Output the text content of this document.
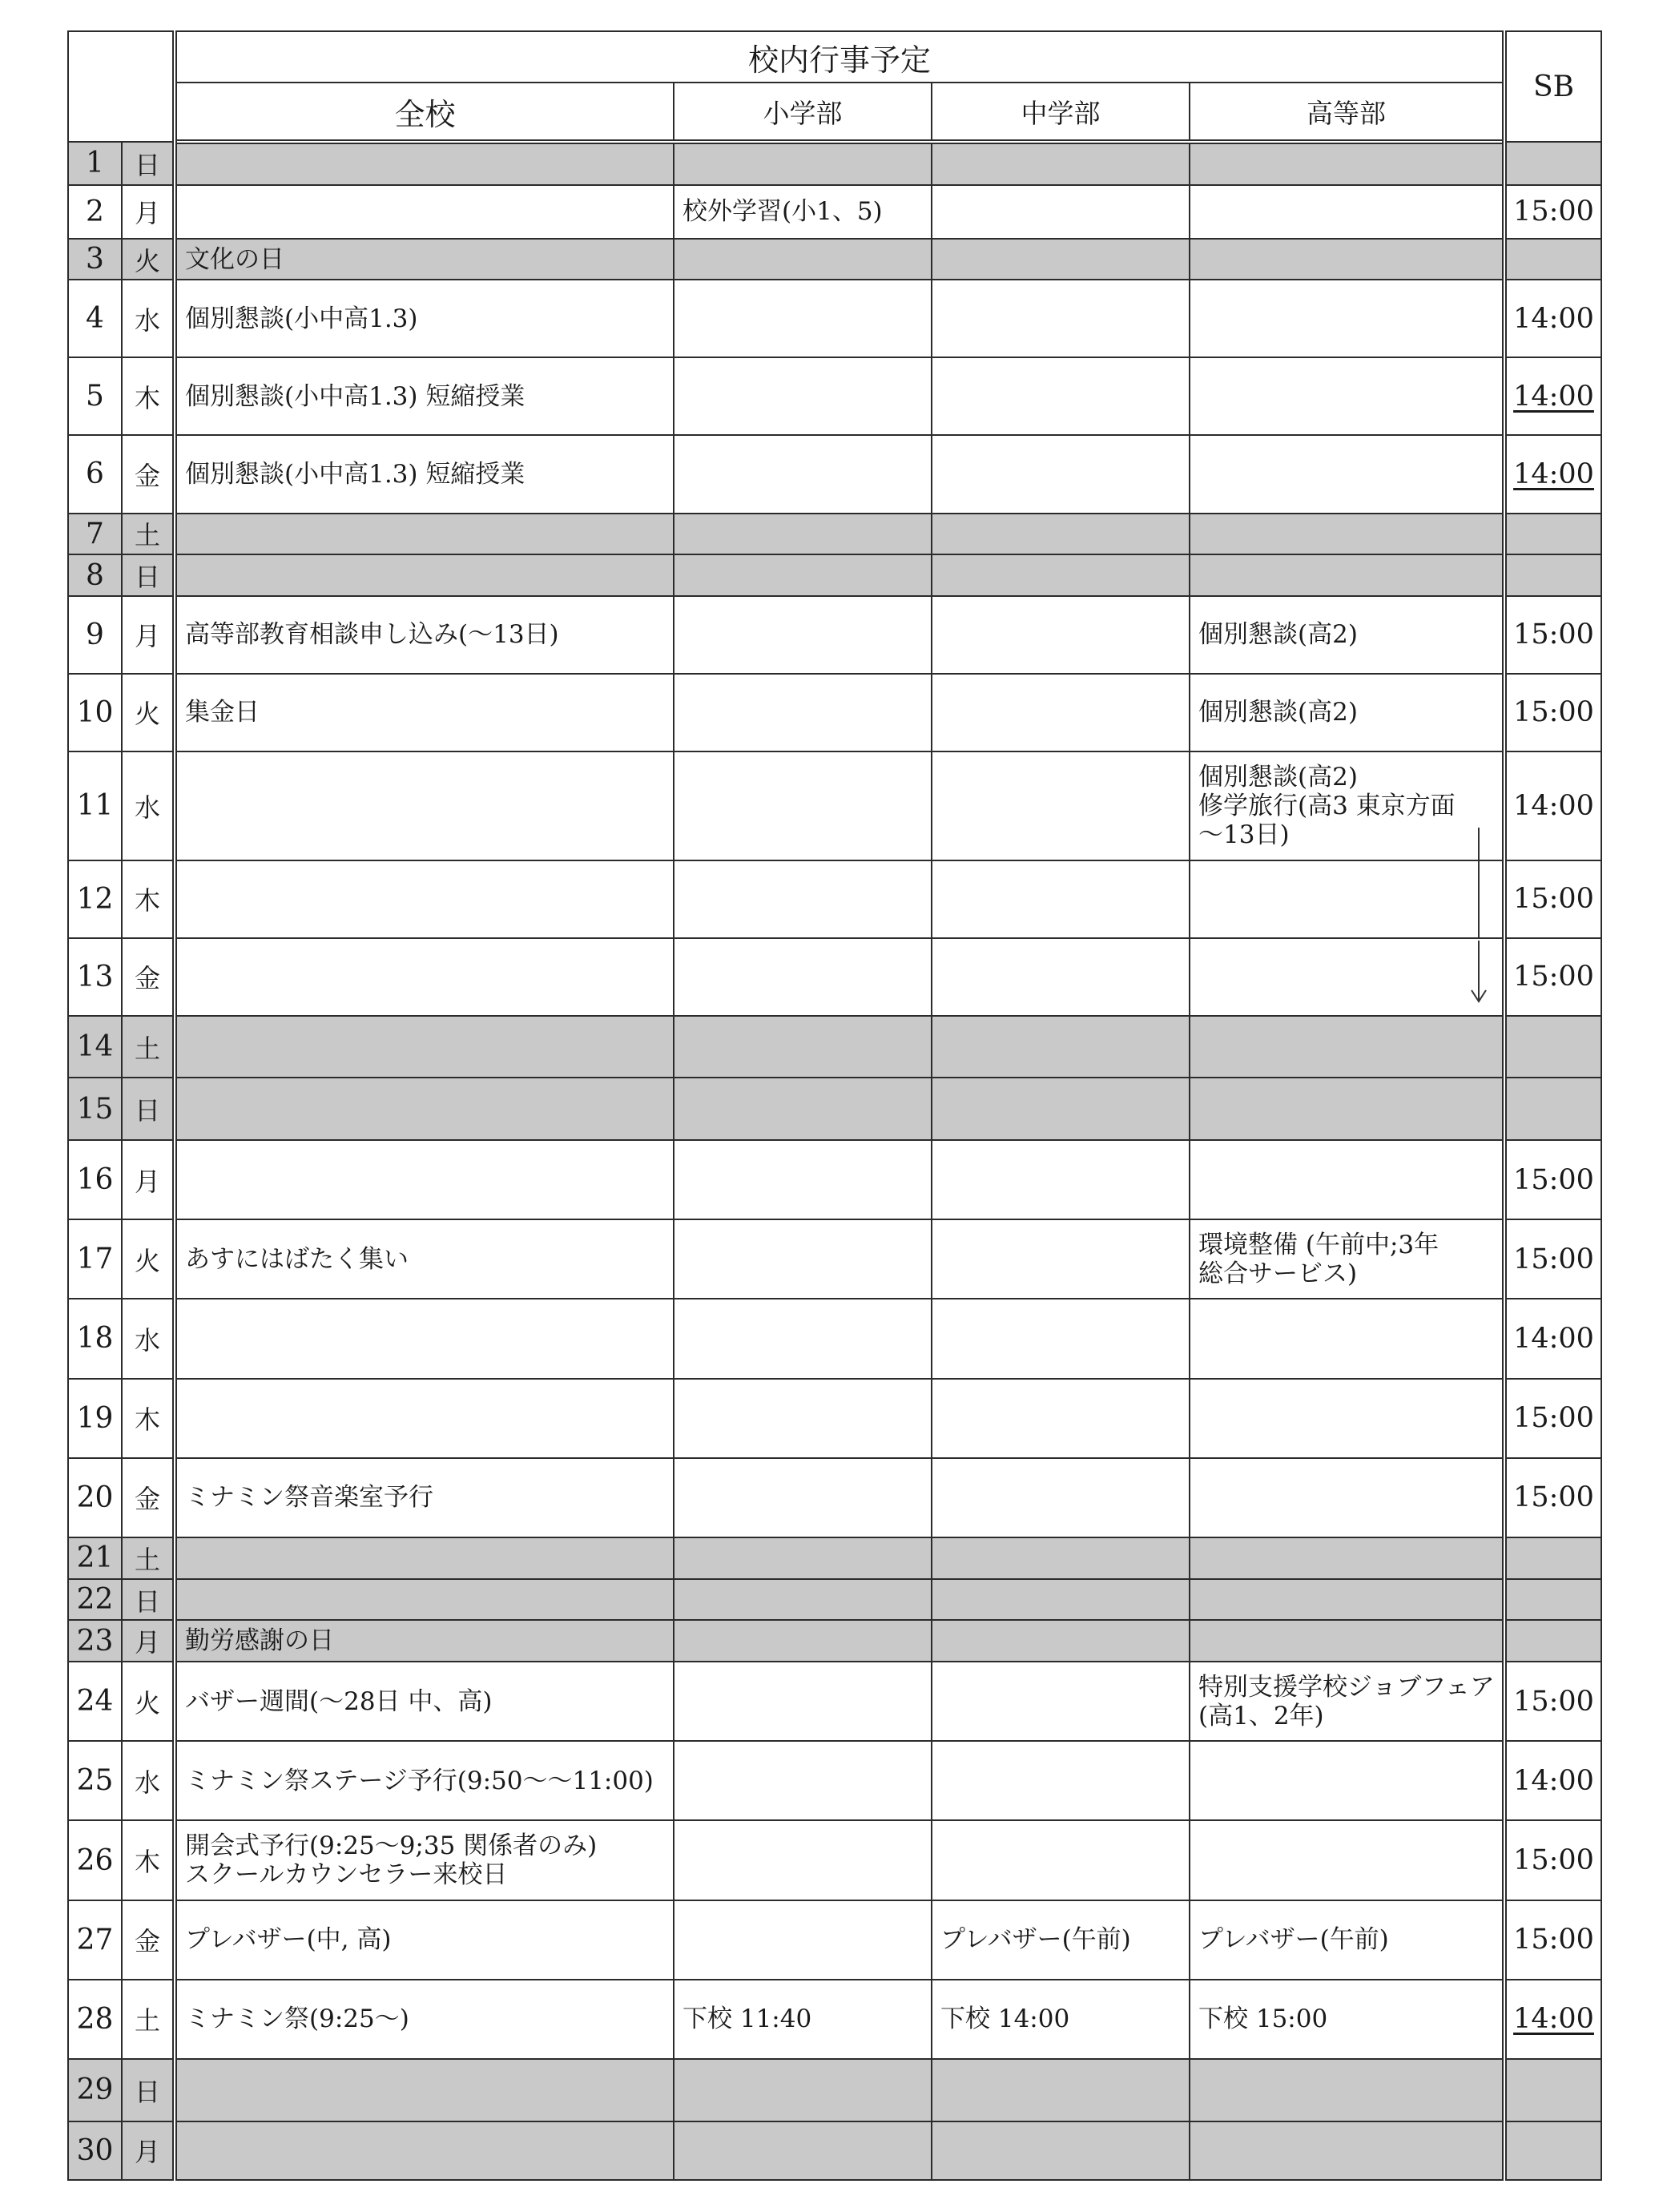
		校内行事予定				SB
		全校	小学部	中学部	高等部	
1	日					
2	月		校外学習(小1、5)			15:00
3	火	文化の日				
4	水	個別懇談(小中高1.3)				14:00
5	木	個別懇談(小中高1.3) 短縮授業				14:00
6	金	個別懇談(小中高1.3) 短縮授業				14:00
7	土					
8	日					
9	月	高等部教育相談申し込み(〜13日)			個別懇談(高2)	15:00
10	火	集金日			個別懇談(高2)	15:00
11	水				個別懇談(高2)
修学旅行(高3 東京方面
〜13日)	14:00
12	木					15:00
13	金					15:00
14	土					
15	日					
16	月					15:00
17	火	あすにはばたく集い			環境整備 (午前中;3年
総合サービス)	15:00
18	水					14:00
19	木					15:00
20	金	ミナミン祭音楽室予行				15:00
21	土					
22	日					
23	月	勤労感謝の日				
24	火	バザー週間(〜28日 中、高)			特別支援学校ジョブフェア
(高1、2年)	15:00
25	水	ミナミン祭ステージ予行(9:50〜〜11:00)				14:00
26	木	開会式予行(9:25〜9;35 関係者のみ)
スクールカウンセラー来校日				15:00
27	金	プレバザー(中, 高)		プレバザー(午前)	プレバザー(午前)	15:00
28	土	ミナミン祭(9:25〜)	下校 11:40	下校 14:00	下校 15:00	14:00
29	日					
30	月					
